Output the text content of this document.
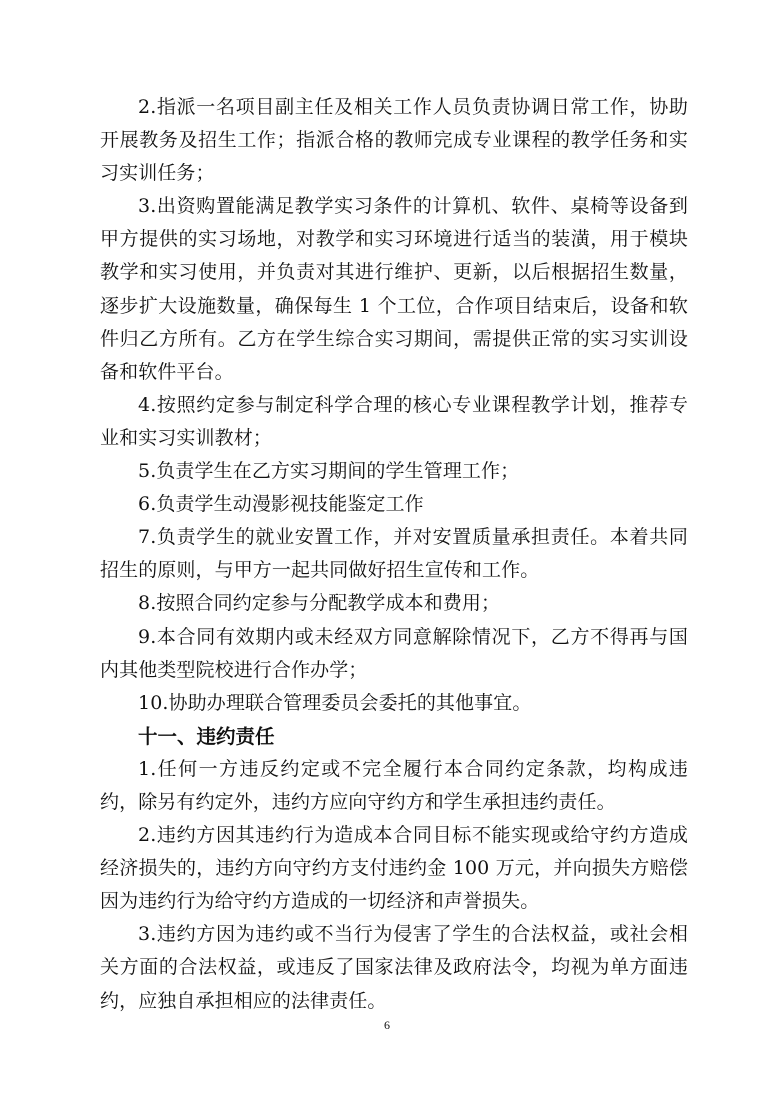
2.指派一名项目副主任及相关工作人员负责协调日常工作，协助开展教务及招生工作；指派合格的教师完成专业课程的教学任务和实习实训任务；

3.出资购置能满足教学实习条件的计算机、软件、桌椅等设备到甲方提供的实习场地，对教学和实习环境进行适当的装潢，用于模块教学和实习使用，并负责对其进行维护、更新，以后根据招生数量，逐步扩大设施数量，确保每生 1 个工位，合作项目结束后，设备和软件归乙方所有。乙方在学生综合实习期间，需提供正常的实习实训设备和软件平台。

4.按照约定参与制定科学合理的核心专业课程教学计划，推荐专业和实习实训教材；

5.负责学生在乙方实习期间的学生管理工作；

6.负责学生动漫影视技能鉴定工作

7.负责学生的就业安置工作，并对安置质量承担责任。本着共同招生的原则，与甲方一起共同做好招生宣传和工作。

8.按照合同约定参与分配教学成本和费用；

9.本合同有效期内或未经双方同意解除情况下，乙方不得再与国内其他类型院校进行合作办学；

10.协助办理联合管理委员会委托的其他事宜。

十一、违约责任

1.任何一方违反约定或不完全履行本合同约定条款，均构成违约，除另有约定外，违约方应向守约方和学生承担违约责任。

2.违约方因其违约行为造成本合同目标不能实现或给守约方造成经济损失的，违约方向守约方支付违约金 100 万元，并向损失方赔偿因为违约行为给守约方造成的一切经济和声誉损失。

3.违约方因为违约或不当行为侵害了学生的合法权益，或社会相关方面的合法权益，或违反了国家法律及政府法令，均视为单方面违约，应独自承担相应的法律责任。

6
